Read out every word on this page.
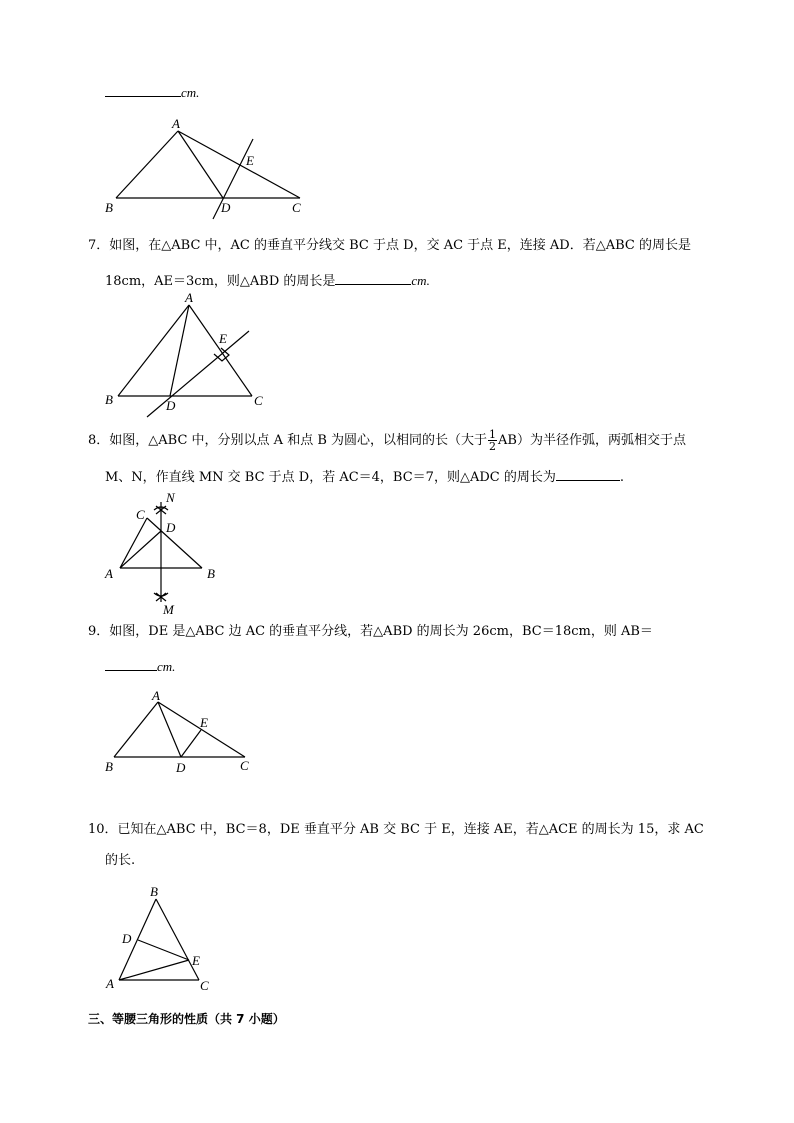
cm.
A
B	C
D
E
7．如图，在△ABC 中，AC 的垂直平分线交 BC 于点 D，交 AC 于点 E，连接 AD．若△ABC 的周长是
18cm，AE＝3cm，则△ABD 的周长是	cm.
A
B	C
D
E
8．如图，△ABC 中，分别以点 A 和点 B 为圆心，以相同的长（大于 $\frac{1}{2} AB$）为半径作弧，两弧相交于点
M、N，作直线 MN 交 BC 于点 D，若 AC＝4，BC＝7，则△ADC 的周长为	.
C
D
N
A	B
M
9．如图，DE 是△ABC 边 AC 的垂直平分线，若△ABD 的周长为 26cm，BC＝18cm，则 AB＝
cm.
A
B	C
D
E
10．已知在△ABC 中，BC＝8，DE 垂直平分 AB 交 BC 于 E，连接 AE，若△ACE 的周长为 15，求 AC
的长.
B
D
E
A	C
三、等腰三角形的性质（共 7 小题）
